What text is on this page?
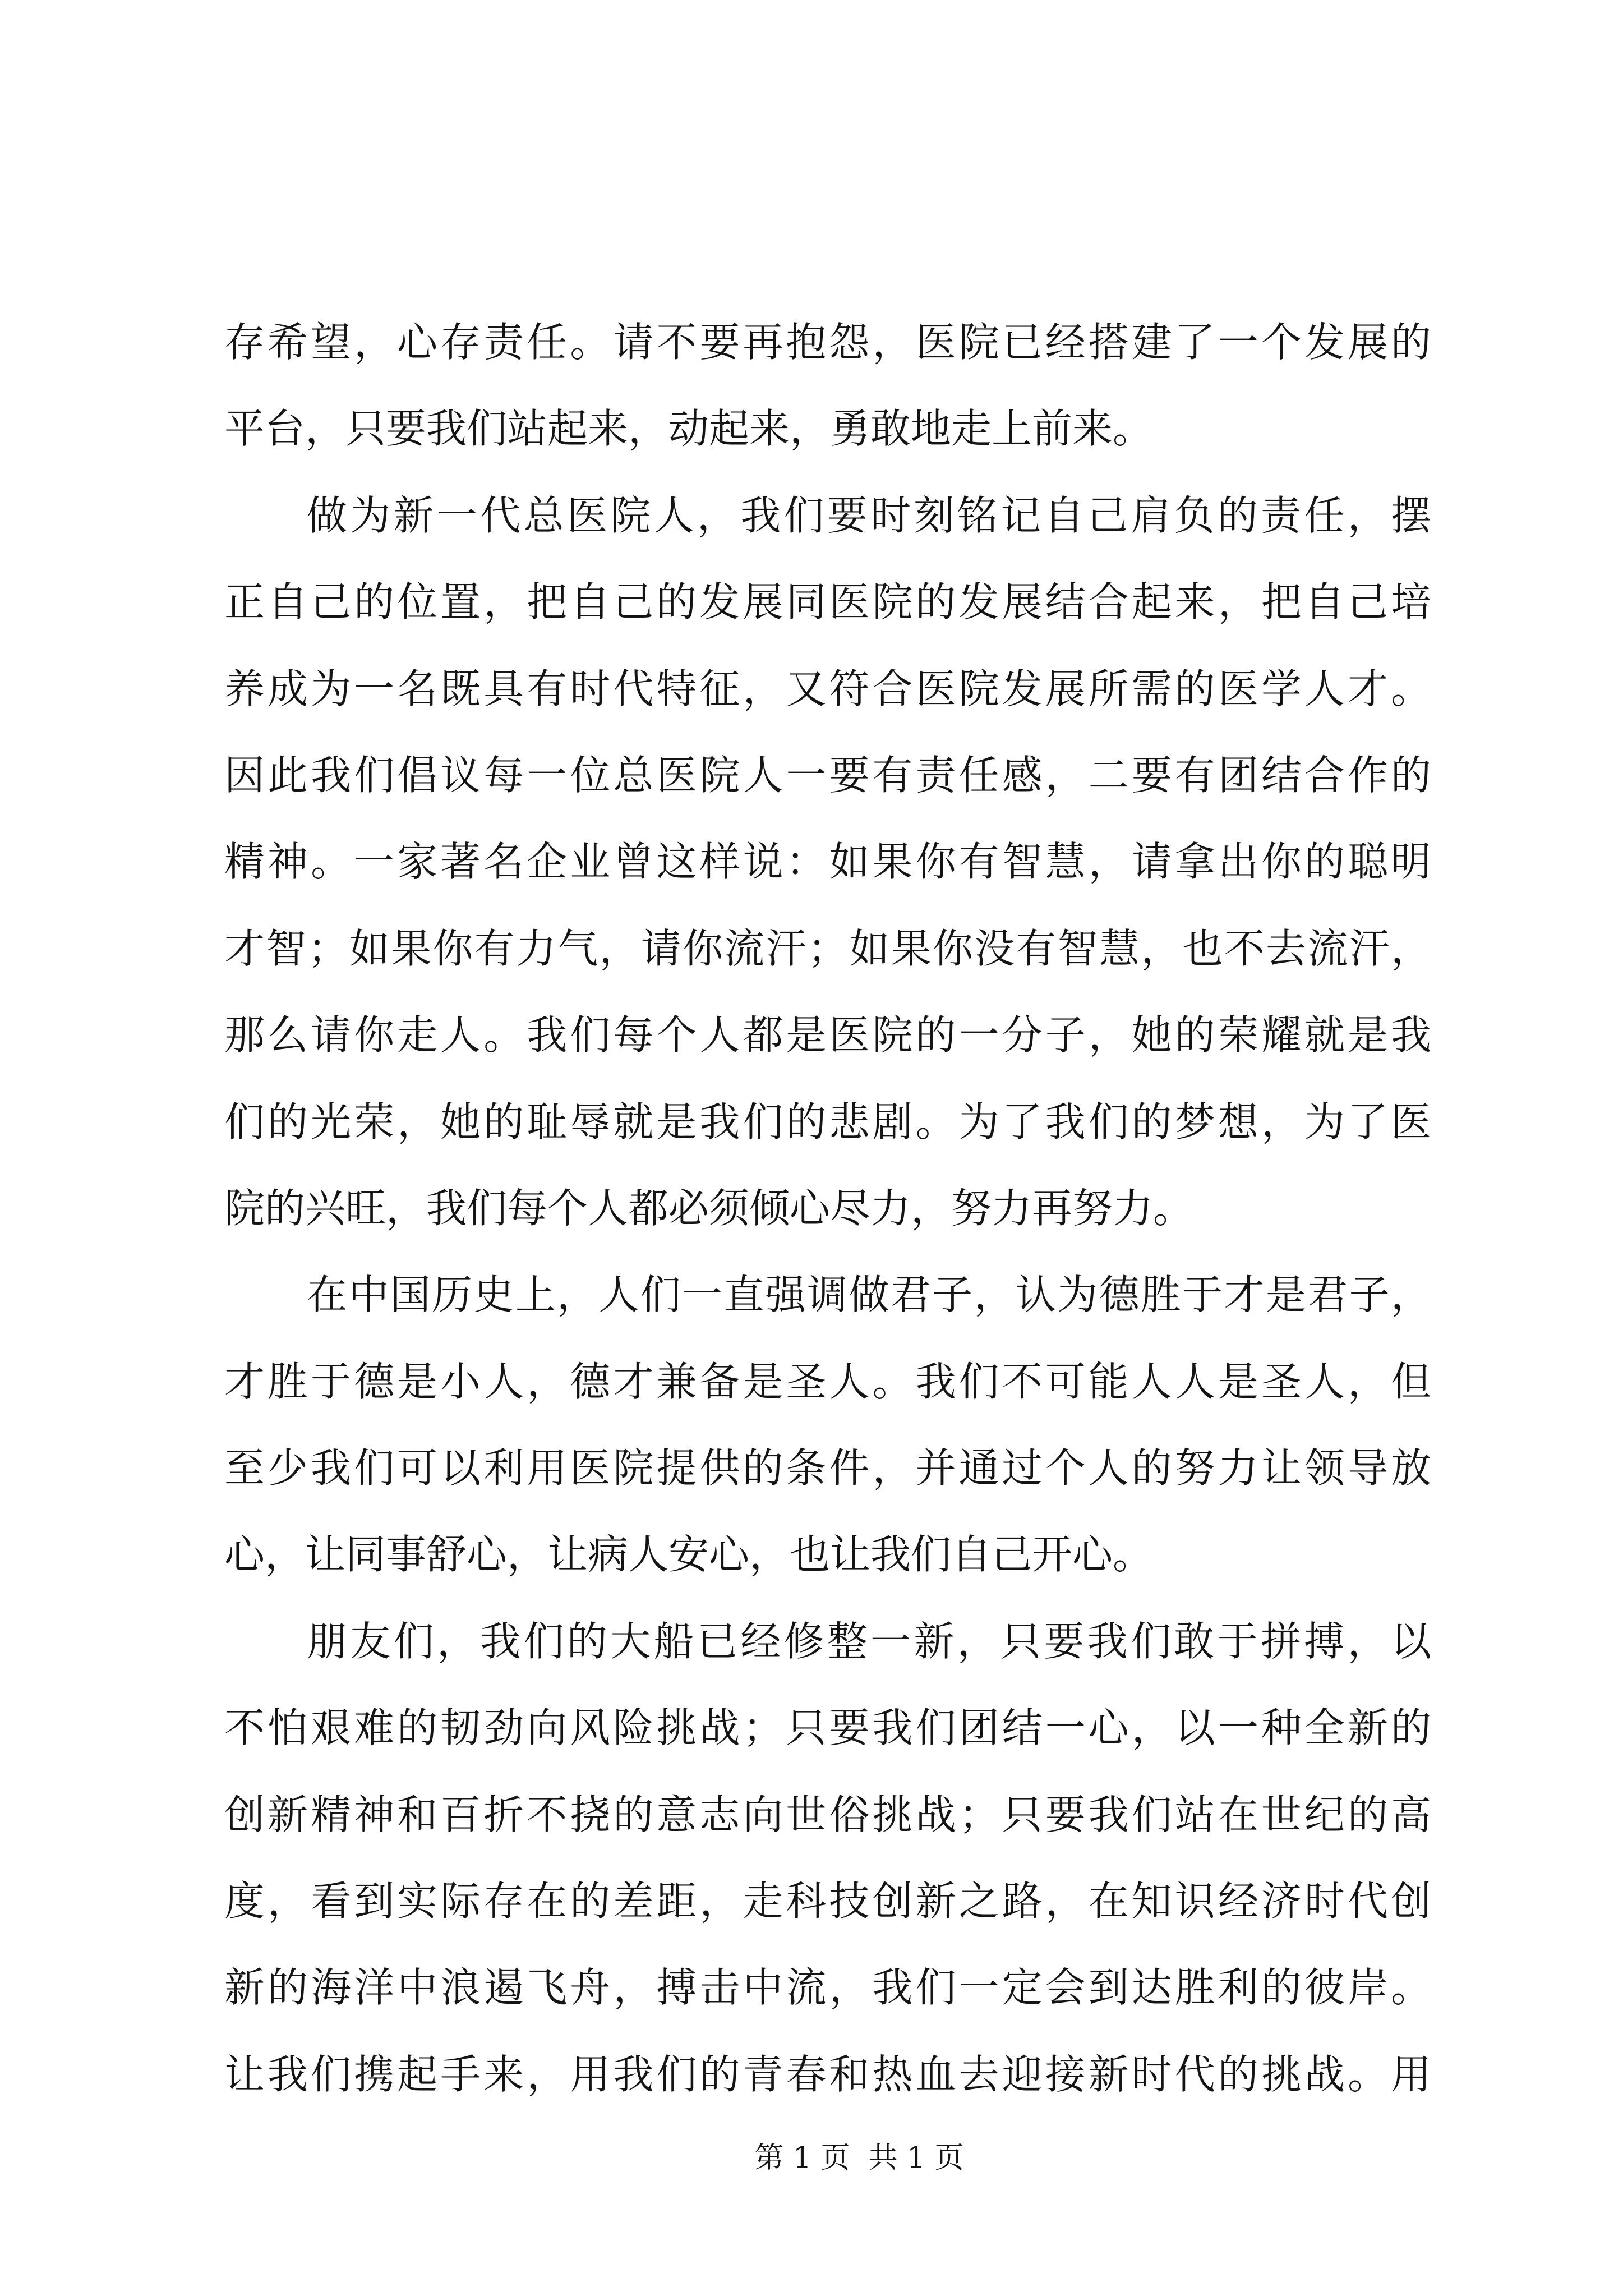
存希望，心存责任。请不要再抱怨，医院已经搭建了一个发展的
平台，只要我们站起来，动起来，勇敢地走上前来。
做为新一代总医院人，我们要时刻铭记自己肩负的责任，摆
正自己的位置，把自己的发展同医院的发展结合起来，把自己培
养成为一名既具有时代特征，又符合医院发展所需的医学人才。
因此我们倡议每一位总医院人一要有责任感，二要有团结合作的
精神。一家著名企业曾这样说：如果你有智慧，请拿出你的聪明
才智；如果你有力气，请你流汗；如果你没有智慧，也不去流汗，
那么请你走人。我们每个人都是医院的一分子，她的荣耀就是我
们的光荣，她的耻辱就是我们的悲剧。为了我们的梦想，为了医
院的兴旺，我们每个人都必须倾心尽力，努力再努力。
在中国历史上，人们一直强调做君子，认为德胜于才是君子，
才胜于德是小人，德才兼备是圣人。我们不可能人人是圣人，但
至少我们可以利用医院提供的条件，并通过个人的努力让领导放
心，让同事舒心，让病人安心，也让我们自己开心。
朋友们，我们的大船已经修整一新，只要我们敢于拼搏，以
不怕艰难的韧劲向风险挑战；只要我们团结一心，以一种全新的
创新精神和百折不挠的意志向世俗挑战；只要我们站在世纪的高
度，看到实际存在的差距，走科技创新之路，在知识经济时代创
新的海洋中浪遏飞舟，搏击中流，我们一定会到达胜利的彼岸。
让我们携起手来，用我们的青春和热血去迎接新时代的挑战。用
第 1 页  共 1 页
